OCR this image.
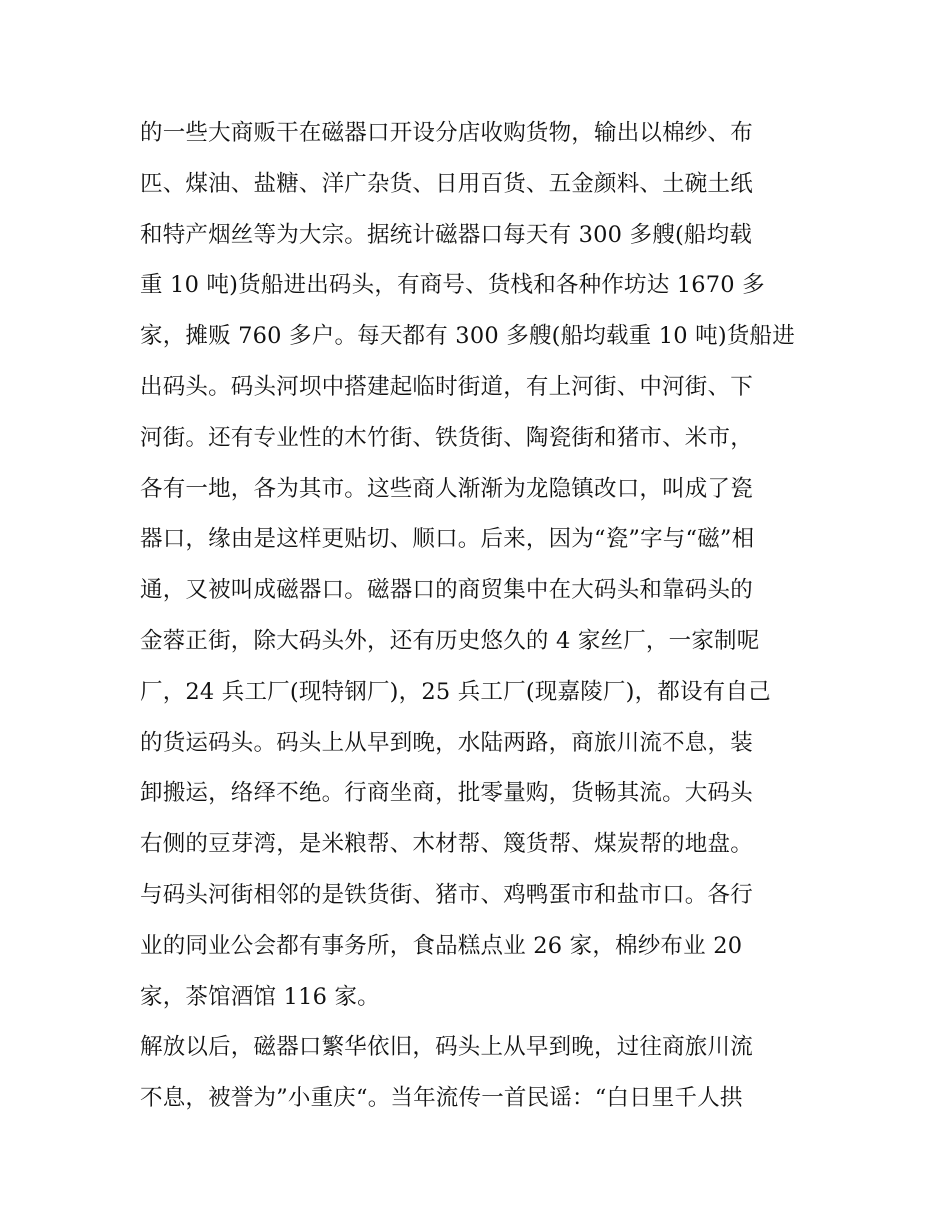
的一些大商贩干在磁器口开设分店收购货物，输出以棉纱、布
匹、煤油、盐糖、洋广杂货、日用百货、五金颜料、土碗土纸
和特产烟丝等为大宗。据统计磁器口每天有 300 多艘(船均载
重 10 吨)货船进出码头，有商号、货栈和各种作坊达 1670 多
家，摊贩 760 多户。每天都有 300 多艘(船均载重 10 吨)货船进
出码头。码头河坝中搭建起临时街道，有上河街、中河街、下
河街。还有专业性的木竹街、铁货街、陶瓷街和猪市、米市，
各有一地，各为其市。这些商人渐渐为龙隐镇改口，叫成了瓷
器口，缘由是这样更贴切、顺口。后来，因为“瓷”字与“磁”相
通，又被叫成磁器口。磁器口的商贸集中在大码头和靠码头的
金蓉正街，除大码头外，还有历史悠久的 4 家丝厂，一家制呢
厂，24 兵工厂(现特钢厂)，25 兵工厂(现嘉陵厂)，都设有自己
的货运码头。码头上从早到晚，水陆两路，商旅川流不息，装
卸搬运，络绎不绝。行商坐商，批零量购，货畅其流。大码头
右侧的豆芽湾，是米粮帮、木材帮、篾货帮、煤炭帮的地盘。
与码头河街相邻的是铁货街、猪市、鸡鸭蛋市和盐市口。各行
业的同业公会都有事务所，食品糕点业 26 家，棉纱布业 20
家，茶馆酒馆 116 家。
解放以后，磁器口繁华依旧，码头上从早到晚，过往商旅川流
不息，被誉为”小重庆“。当年流传一首民谣：“白日里千人拱
